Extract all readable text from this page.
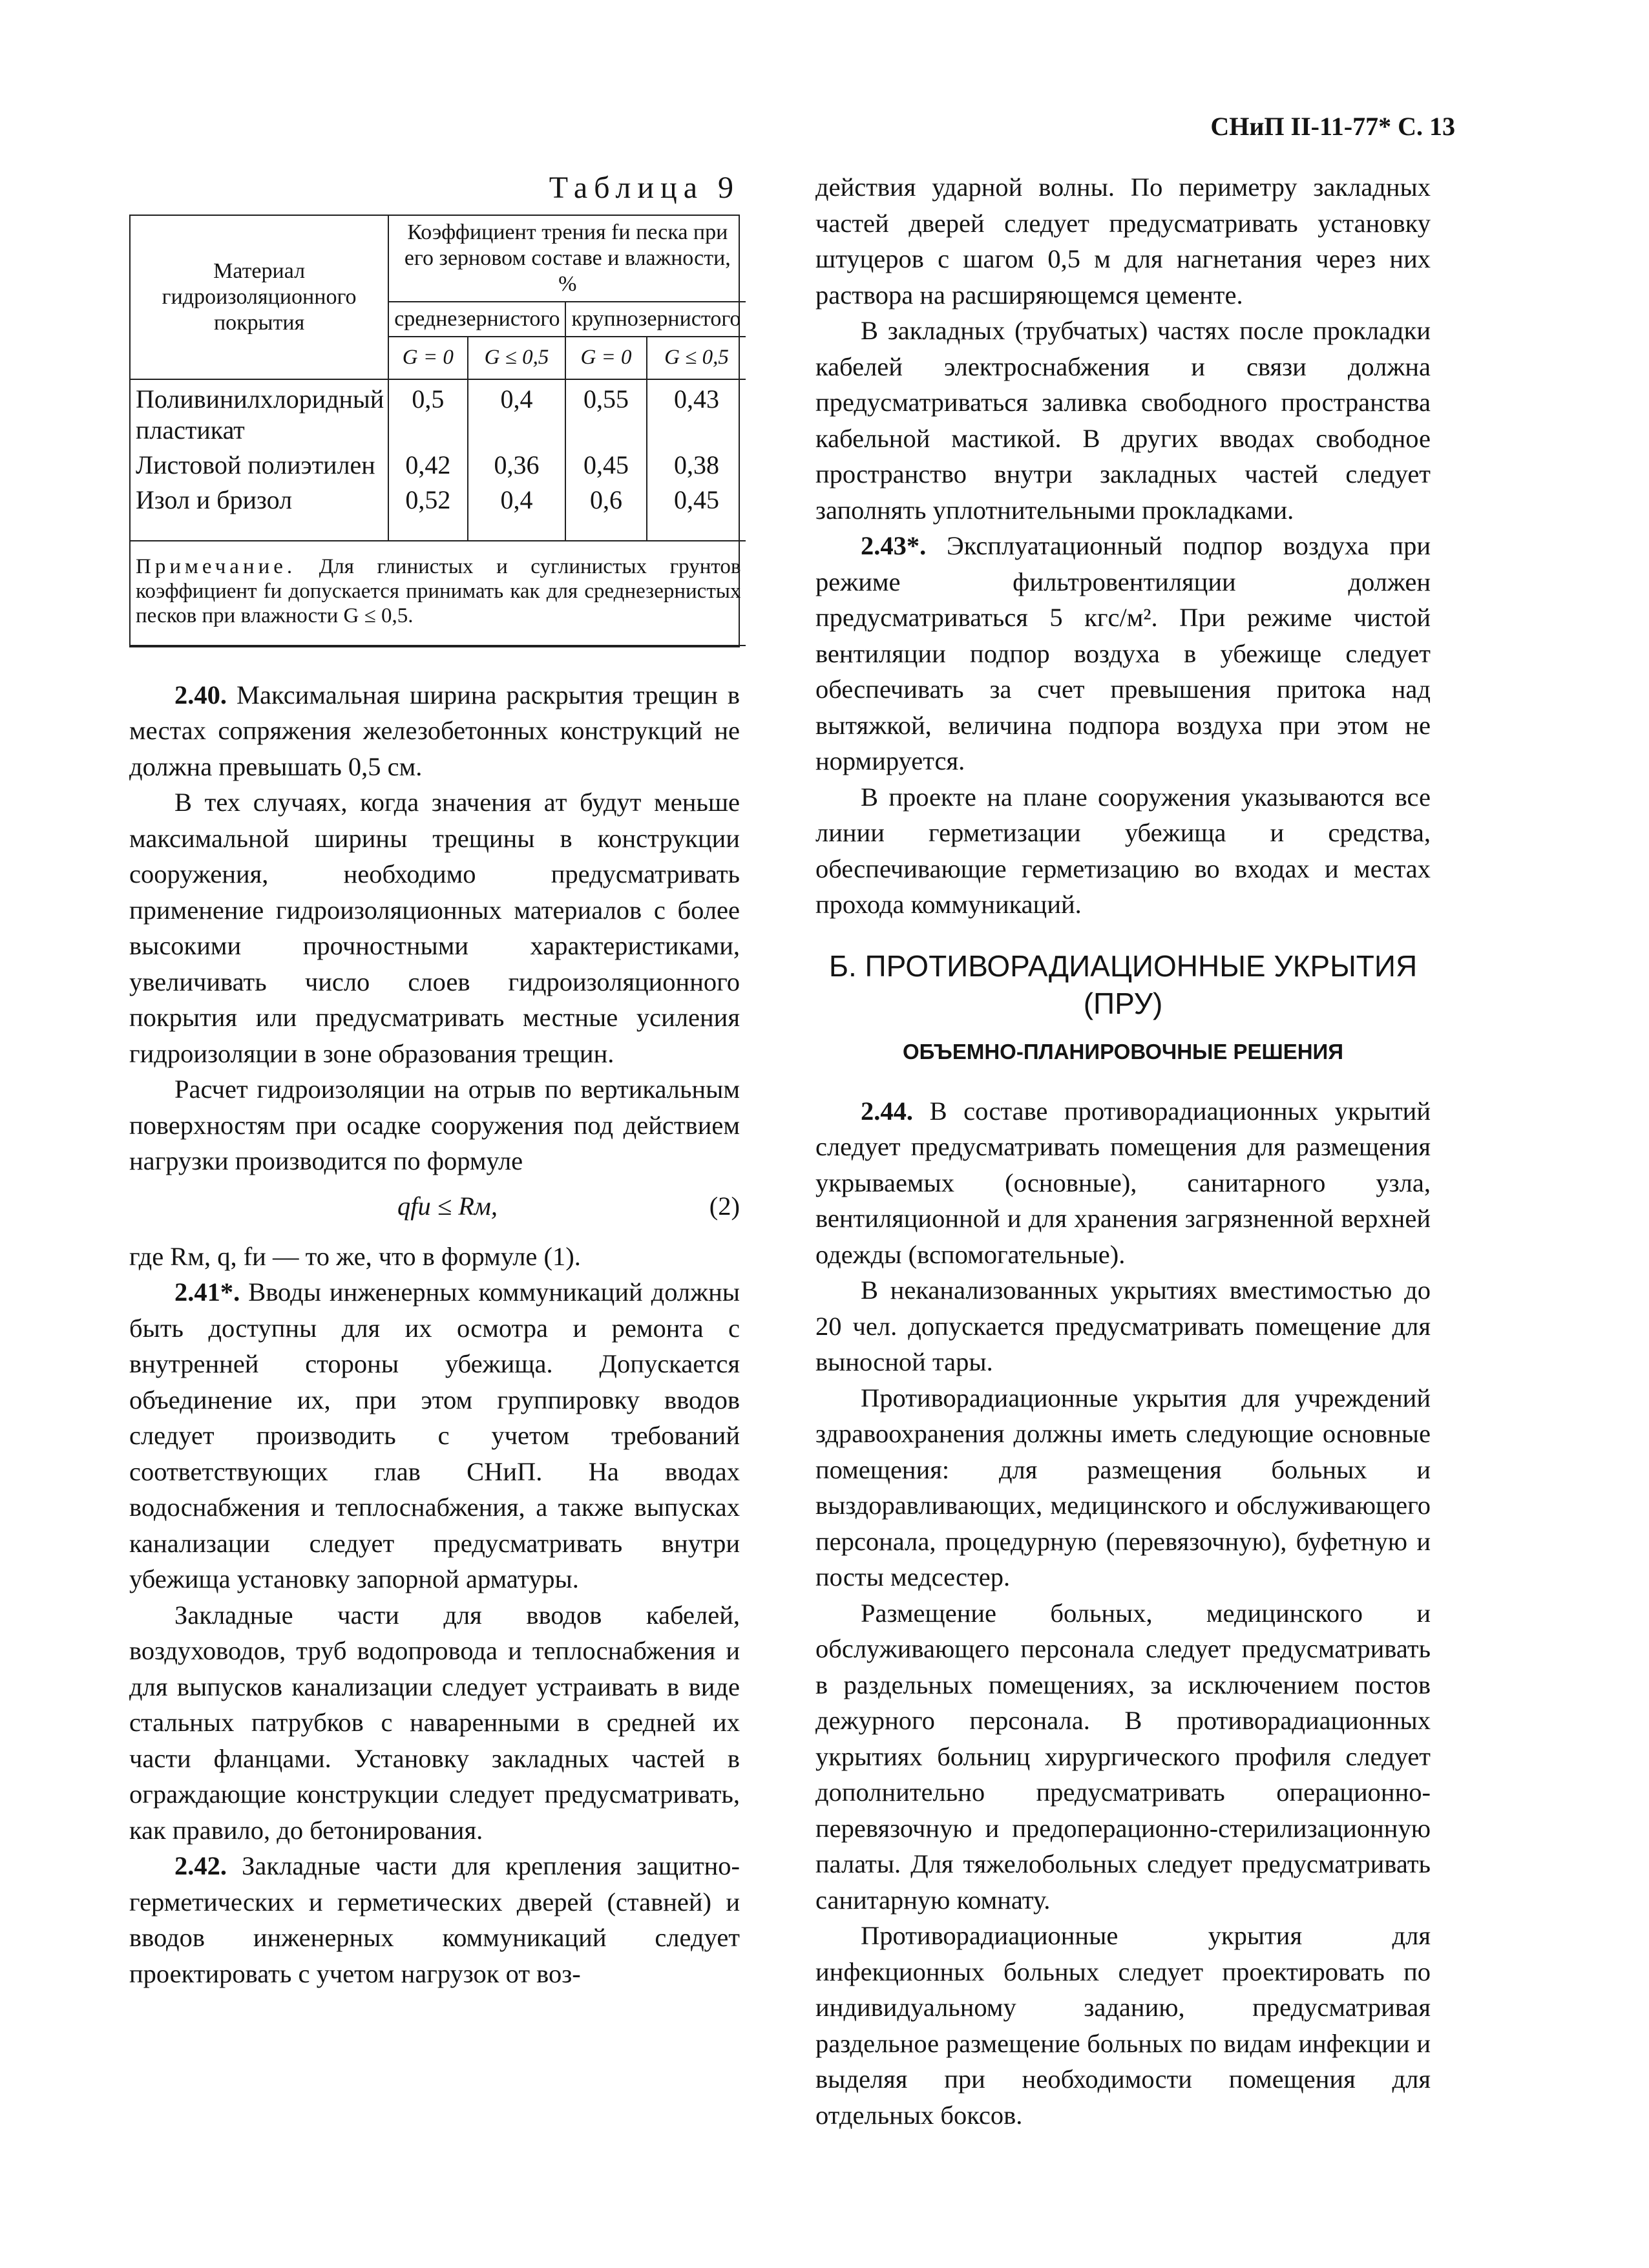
СНиП II-11-77* С. 13
Таблица 9
Материал гидроизоляционного покрытия	Коэффициент трения fи песка при его зерновом составе и влажности, %			
	среднезернистого		крупнозернистого	
	G = 0	G ≤ 0,5	G = 0	G ≤ 0,5
Поливинилхлоридный пластикат	0,5	0,4	0,55	0,43
Листовой полиэтилен	0,42	0,36	0,45	0,38
Изол и бризол	0,52	0,4	0,6	0,45
Примечание. Для глинистых и суглинистых грунтов коэффициент fи допускается принимать как для среднезернистых песков при влажности G ≤ 0,5.				

2.40. Максимальная ширина раскрытия трещин в местах сопряжения железобетонных конструкций не должна превышать 0,5 см.

В тех случаях, когда значения aт будут меньше максимальной ширины трещины в конструкции сооружения, необходимо предусматривать применение гидроизоляционных материалов с более высокими прочностными характеристиками, увеличивать число слоев гидроизоляционного покрытия или предусматривать местные усиления гидроизоляции в зоне образования трещин.

Расчет гидроизоляции на отрыв по вертикальным поверхностям при осадке сооружения под действием нагрузки производится по формуле

qfи ≤ Rм,	(2)

где Rм, q, fи — то же, что в формуле (1).

2.41*. Вводы инженерных коммуникаций должны быть доступны для их осмотра и ремонта с внутренней стороны убежища. Допускается объединение их, при этом группировку вводов следует производить с учетом требований соответствующих глав СНиП. На вводах водоснабжения и теплоснабжения, а также выпусках канализации следует предусматривать внутри убежища установку запорной арматуры.

Закладные части для вводов кабелей, воздуховодов, труб водопровода и теплоснабжения и для выпусков канализации следует устраивать в виде стальных патрубков с наваренными в средней их части фланцами. Установку закладных частей в ограждающие конструкции следует предусматривать, как правило, до бетонирования.

2.42. Закладные части для крепления защитно-герметических и герметических дверей (ставней) и вводов инженерных коммуникаций следует проектировать с учетом нагрузок от воз-

действия ударной волны. По периметру закладных частей дверей следует предусматривать установку штуцеров с шагом 0,5 м для нагнетания через них раствора на расширяющемся цементе.

В закладных (трубчатых) частях после прокладки кабелей электроснабжения и связи должна предусматриваться заливка свободного пространства кабельной мастикой. В других вводах свободное пространство внутри закладных частей следует заполнять уплотнительными прокладками.

2.43*. Эксплуатационный подпор воздуха при режиме фильтровентиляции должен предусматриваться 5 кгс/м². При режиме чистой вентиляции подпор воздуха в убежище следует обеспечивать за счет превышения притока над вытяжкой, величина подпора воздуха при этом не нормируется.

В проекте на плане сооружения указываются все линии герметизации убежища и средства, обеспечивающие герметизацию во входах и местах прохода коммуникаций.

Б. ПРОТИВОРАДИАЦИОННЫЕ УКРЫТИЯ (ПРУ)
ОБЪЕМНО-ПЛАНИРОВОЧНЫЕ РЕШЕНИЯ

2.44. В составе противорадиационных укрытий следует предусматривать помещения для размещения укрываемых (основные), санитарного узла, вентиляционной и для хранения загрязненной верхней одежды (вспомогательные).

В неканализованных укрытиях вместимостью до 20 чел. допускается предусматривать помещение для выносной тары.

Противорадиационные укрытия для учреждений здравоохранения должны иметь следующие основные помещения: для размещения больных и выздоравливающих, медицинского и обслуживающего персонала, процедурную (перевязочную), буфетную и посты медсестер.

Размещение больных, медицинского и обслуживающего персонала следует предусматривать в раздельных помещениях, за исключением постов дежурного персонала. В противорадиационных укрытиях больниц хирургического профиля следует дополнительно предусматривать операционно-перевязочную и предоперационно-стерилизационную палаты. Для тяжелобольных следует предусматривать санитарную комнату.

Противорадиационные укрытия для инфекционных больных следует проектировать по индивидуальному заданию, предусматривая раздельное размещение больных по видам инфекции и выделяя при необходимости помещения для отдельных боксов.
